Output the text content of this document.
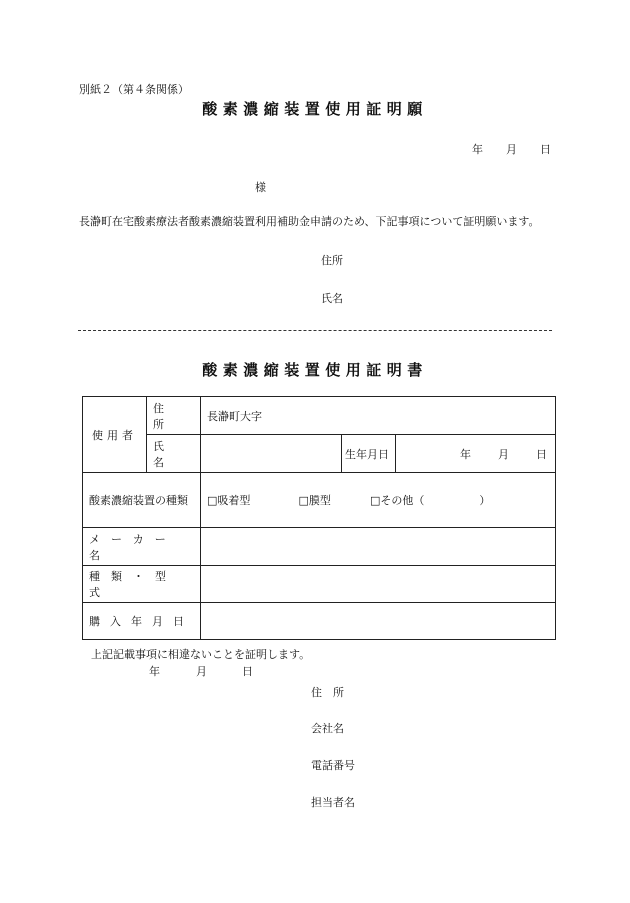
別紙２（第４条関係）
酸素濃縮装置使用証明願
年 月 日
様
長瀞町在宅酸素療法者酸素濃縮装置利用補助金申請のため、下記事項について証明願います。
住所
氏名
酸素濃縮装置使用証明書
使用者	住所	長瀞町大字		
	氏名		生年月日	年 月 日

酸素濃縮装置の種類		□吸着型 □膜型 □その他（　　　　　）		
メーカー名				
種類・型式				
購入年月日				
上記記載事項に相違ないことを証明します。
年	月	日
住　所
会社名
電話番号
担当者名
